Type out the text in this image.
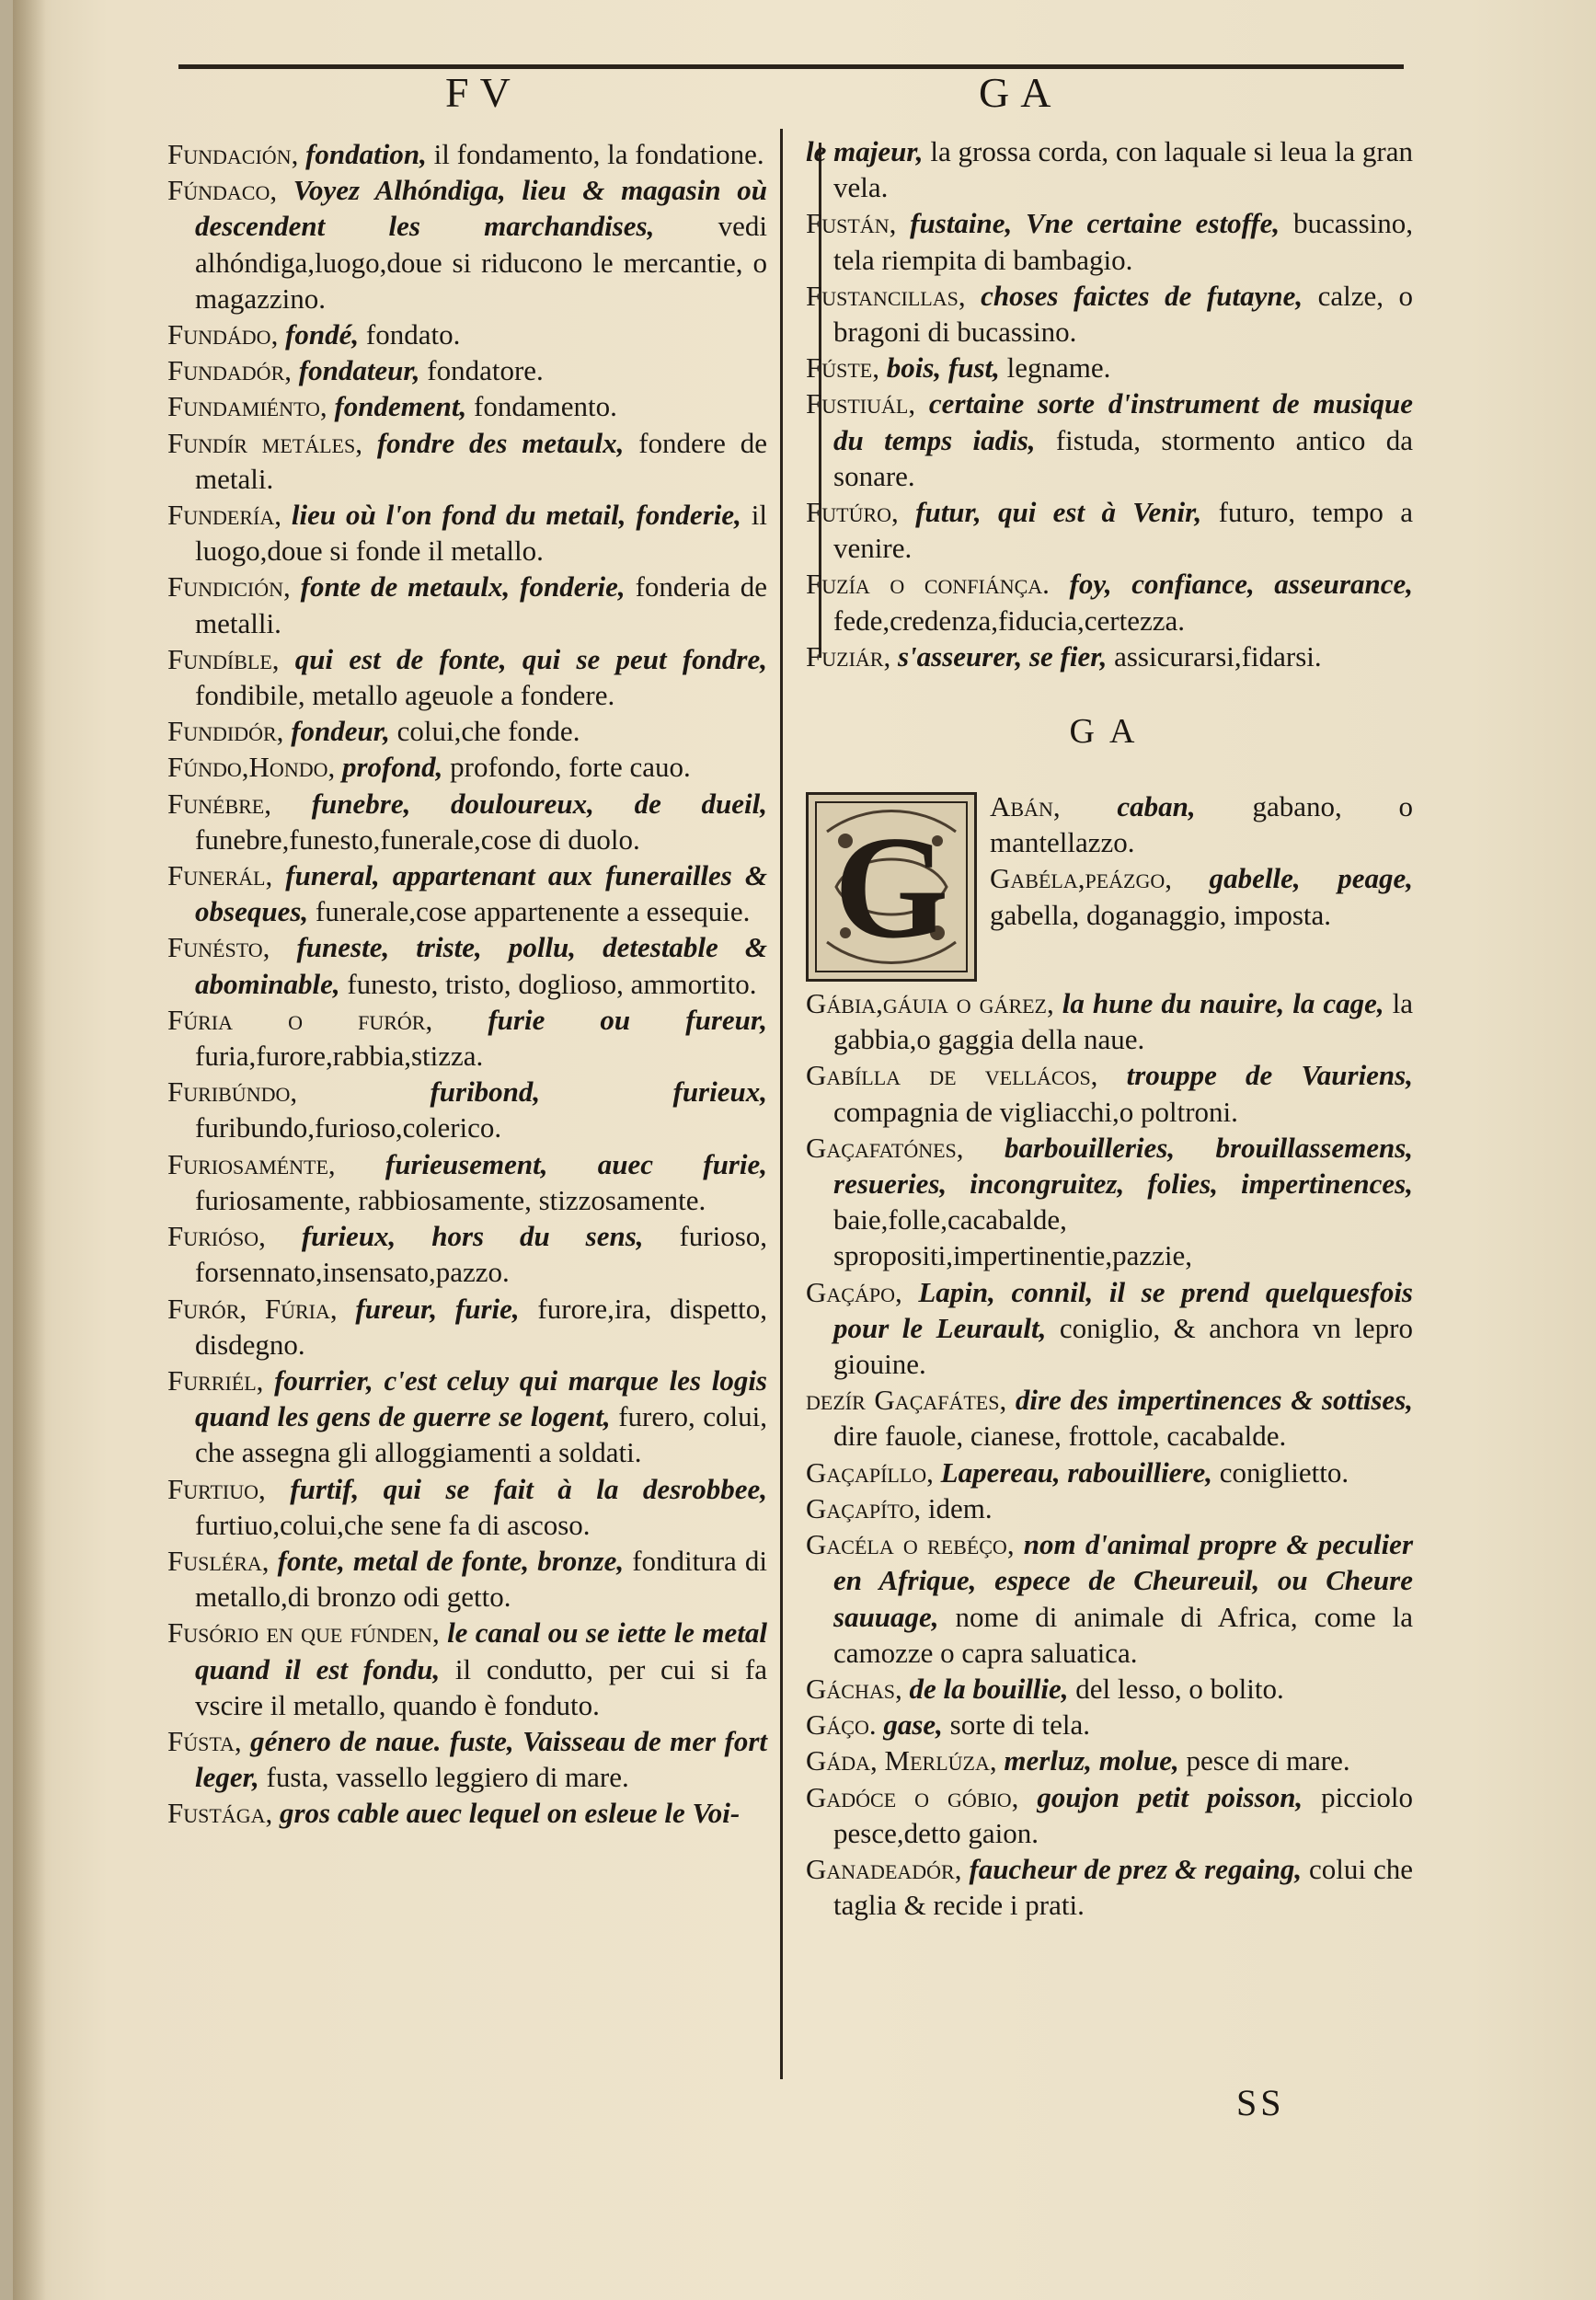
FV	GA

Fundación, fondation, il fondamento, la fondatione.

Fúndaco, Voyez Alhóndiga, lieu & magasin où descendent les marchandises, vedi alhóndiga,luogo,doue si riducono le mercantie, o magazzino.

Fundádo, fondé, fondato.

Fundadór, fondateur, fondatore.

Fundamiénto, fondement, fondamento.

Fundír metáles, fondre des metaulx, fondere de metali.

Fundería, lieu où l'on fond du metail, fonderie, il luogo,doue si fonde il metallo.

Fundición, fonte de metaulx, fonderie, fonderia de metalli.

Fundíble, qui est de fonte, qui se peut fondre, fondibile, metallo ageuole a fondere.

Fundidór, fondeur, colui,che fonde.

Fúndo,Hondo, profond, profondo, forte cauo.

Funébre, funebre, douloureux, de dueil, funebre,funesto,funerale,cose di duolo.

Funerál, funeral, appartenant aux funerailles & obseques, funerale,cose appartenente a essequie.

Funésto, funeste, triste, pollu, detestable & abominable, funesto, tristo, doglioso, ammortito.

Fúria o furór, furie ou fureur, furia,furore,rabbia,stizza.

Furibúndo,	furibond, furieux, furibundo,furioso,colerico.

Furiosaménte, furieusement, auec furie, furiosamente, rabbiosamente, stizzosamente.

Furióso, furieux, hors du sens, furioso, forsennato,insensato,pazzo.

Furór, Fúria, fureur, furie, furore,ira, dispetto, disdegno.

Furriél, fourrier, c'est celuy qui marque les logis quand les gens de guerre se logent, furero, colui, che assegna gli alloggiamenti a soldati.

Furtiuo, furtif, qui se fait à la desrobbee, furtiuo,colui,che sene fa di ascoso.

Fusléra, fonte, metal de fonte, bronze, fonditura di metallo,di bronzo odi getto.

Fusório en que fúnden, le canal ou se iette le metal quand il est fondu, il condutto, per cui si fa vscire il metallo, quando è fonduto.

Fústa, género de naue. fuste, Vaisseau de mer fort leger, fusta, vassello leggiero di mare.

Fustága, gros cable auec lequel on esleue le Voi-

le majeur, la grossa corda, con laquale si leua la gran vela.

Fustán, fustaine, Vne certaine estoffe, bucassino, tela riempita di bambagio.

Fustancillas, choses faictes de futayne, calze, o bragoni di bucassino.

Fúste, bois, fust, legname.

Fustiuál, certaine sorte d'instrument de musique du temps iadis, fistuda, stormento antico da sonare.

Futúro, futur, qui est à Venir, futuro, tempo a venire.

Fuzía o confiánça. foy, confiance, asseurance, fede,credenza,fiducia,certezza.

Fuziár, s'asseurer, se fier, assicurarsi,fidarsi.

GA
G	Abán, caban, gabano, o mantellazzo.

Gabéla,peázgo, gabelle, peage, gabella, doganaggio, imposta.

Gábia,gáuia o gárez, la hune du nauire, la cage, la gabbia,o gaggia della naue.

Gabílla de vellácos, trouppe de Vauriens, compagnia de vigliacchi,o poltroni.

Gaçafatónes, barbouilleries, brouillassemens, resueries, incongruitez, folies, impertinences, baie,folle,cacabalde, spropositi,impertinentie,pazzie,

Gaçápo, Lapin, connil, il se prend quelquesfois pour le Leurault, coniglio, & anchora vn lepro giouine.

dezír Gaçafátes, dire des impertinences & sottises, dire fauole, cianese, frottole, cacabalde.

Gaçapíllo, Lapereau, rabouilliere, coniglietto.

Gaçapíto, idem.

Gacéla o rebéço, nom d'animal propre & peculier en Afrique, espece de Cheureuil, ou Cheure sauuage, nome di animale di Africa, come la camozze o capra saluatica.

Gáchas, de la bouillie, del lesso, o bolito.

Gáço. gase, sorte di tela.

Gáda, Merlúza, merluz, molue, pesce di mare.

Gadóce o góbio, goujon petit poisson, picciolo pesce,detto gaion.

Ganadeadór, faucheur de prez & regaing, colui che taglia & recide i prati.

SS
